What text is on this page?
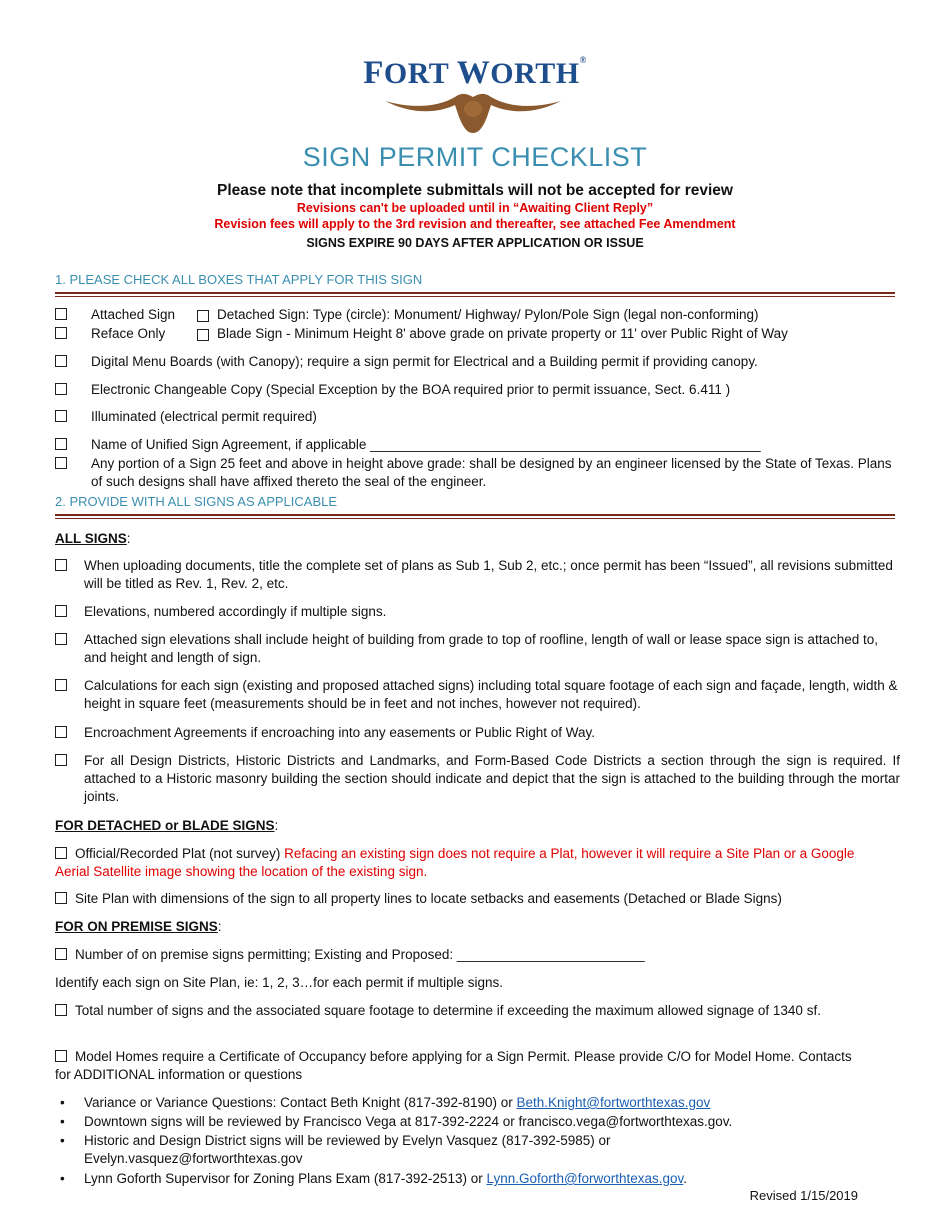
FORT WORTH®
SIGN PERMIT CHECKLIST
Please note that incomplete submittals will not be accepted for review
Revisions can't be uploaded until in “Awaiting Client Reply”
Revision fees will apply to the 3rd revision and thereafter, see attached Fee Amendment
SIGNS EXPIRE 90 DAYS AFTER APPLICATION OR ISSUE
1. PLEASE CHECK ALL BOXES THAT APPLY FOR THIS SIGN
Attached Sign	Detached Sign: Type (circle): Monument/ Highway/ Pylon/Pole Sign (legal non-conforming)
Reface Only	Blade Sign - Minimum Height 8' above grade on private property or 11' over Public Right of Way
Digital Menu Boards (with Canopy); require a sign permit for Electrical and a Building permit if providing canopy.
Electronic Changeable Copy (Special Exception by the BOA required prior to permit issuance, Sect. 6.411 )
Illuminated (electrical permit required)
Name of Unified Sign Agreement, if applicable ____________________________________________________
Any portion of a Sign 25 feet and above in height above grade: shall be designed by an engineer licensed by the State of Texas. Plans of such designs shall have affixed thereto the seal of the engineer.
2. PROVIDE WITH ALL SIGNS AS APPLICABLE
ALL SIGNS:
When uploading documents, title the complete set of plans as Sub 1, Sub 2, etc.; once permit has been “Issued”, all revisions submitted will be titled as Rev. 1, Rev. 2, etc.
Elevations, numbered accordingly if multiple signs.
Attached sign elevations shall include height of building from grade to top of roofline, length of wall or lease space sign is attached to, and height and length of sign.
Calculations for each sign (existing and proposed attached signs) including total square footage of each sign and façade, length, width & height in square feet (measurements should be in feet and not inches, however not required).
Encroachment Agreements if encroaching into any easements or Public Right of Way.
For all Design Districts, Historic Districts and Landmarks, and Form-Based Code Districts a section through the sign is required. If attached to a Historic masonry building the section should indicate and depict that the sign is attached to the building through the mortar joints.
FOR DETACHED or BLADE SIGNS:
Official/Recorded Plat (not survey) Refacing an existing sign does not require a Plat, however it will require a Site Plan or a Google Aerial Satellite image showing the location of the existing sign.
Site Plan with dimensions of the sign to all property lines to locate setbacks and easements (Detached or Blade Signs)
FOR ON PREMISE SIGNS:
Number of on premise signs permitting; Existing and Proposed: _________________________
Identify each sign on Site Plan, ie: 1, 2, 3…for each permit if multiple signs.
Total number of signs and the associated square footage to determine if exceeding the maximum allowed signage of 1340 sf.
Model Homes require a Certificate of Occupancy before applying for a Sign Permit. Please provide C/O for Model Home. Contacts for ADDITIONAL information or questions
• Variance or Variance Questions: Contact Beth Knight (817-392-8190) or Beth.Knight@fortworthtexas.gov
• Downtown signs will be reviewed by Francisco Vega at 817-392-2224 or francisco.vega@fortworthtexas.gov.
• Historic and Design District signs will be reviewed by Evelyn Vasquez (817-392-5985) or
Evelyn.vasquez@fortworthtexas.gov
• Lynn Goforth Supervisor for Zoning Plans Exam (817-392-2513) or Lynn.Goforth@forworthtexas.gov.
Revised 1/15/2019
